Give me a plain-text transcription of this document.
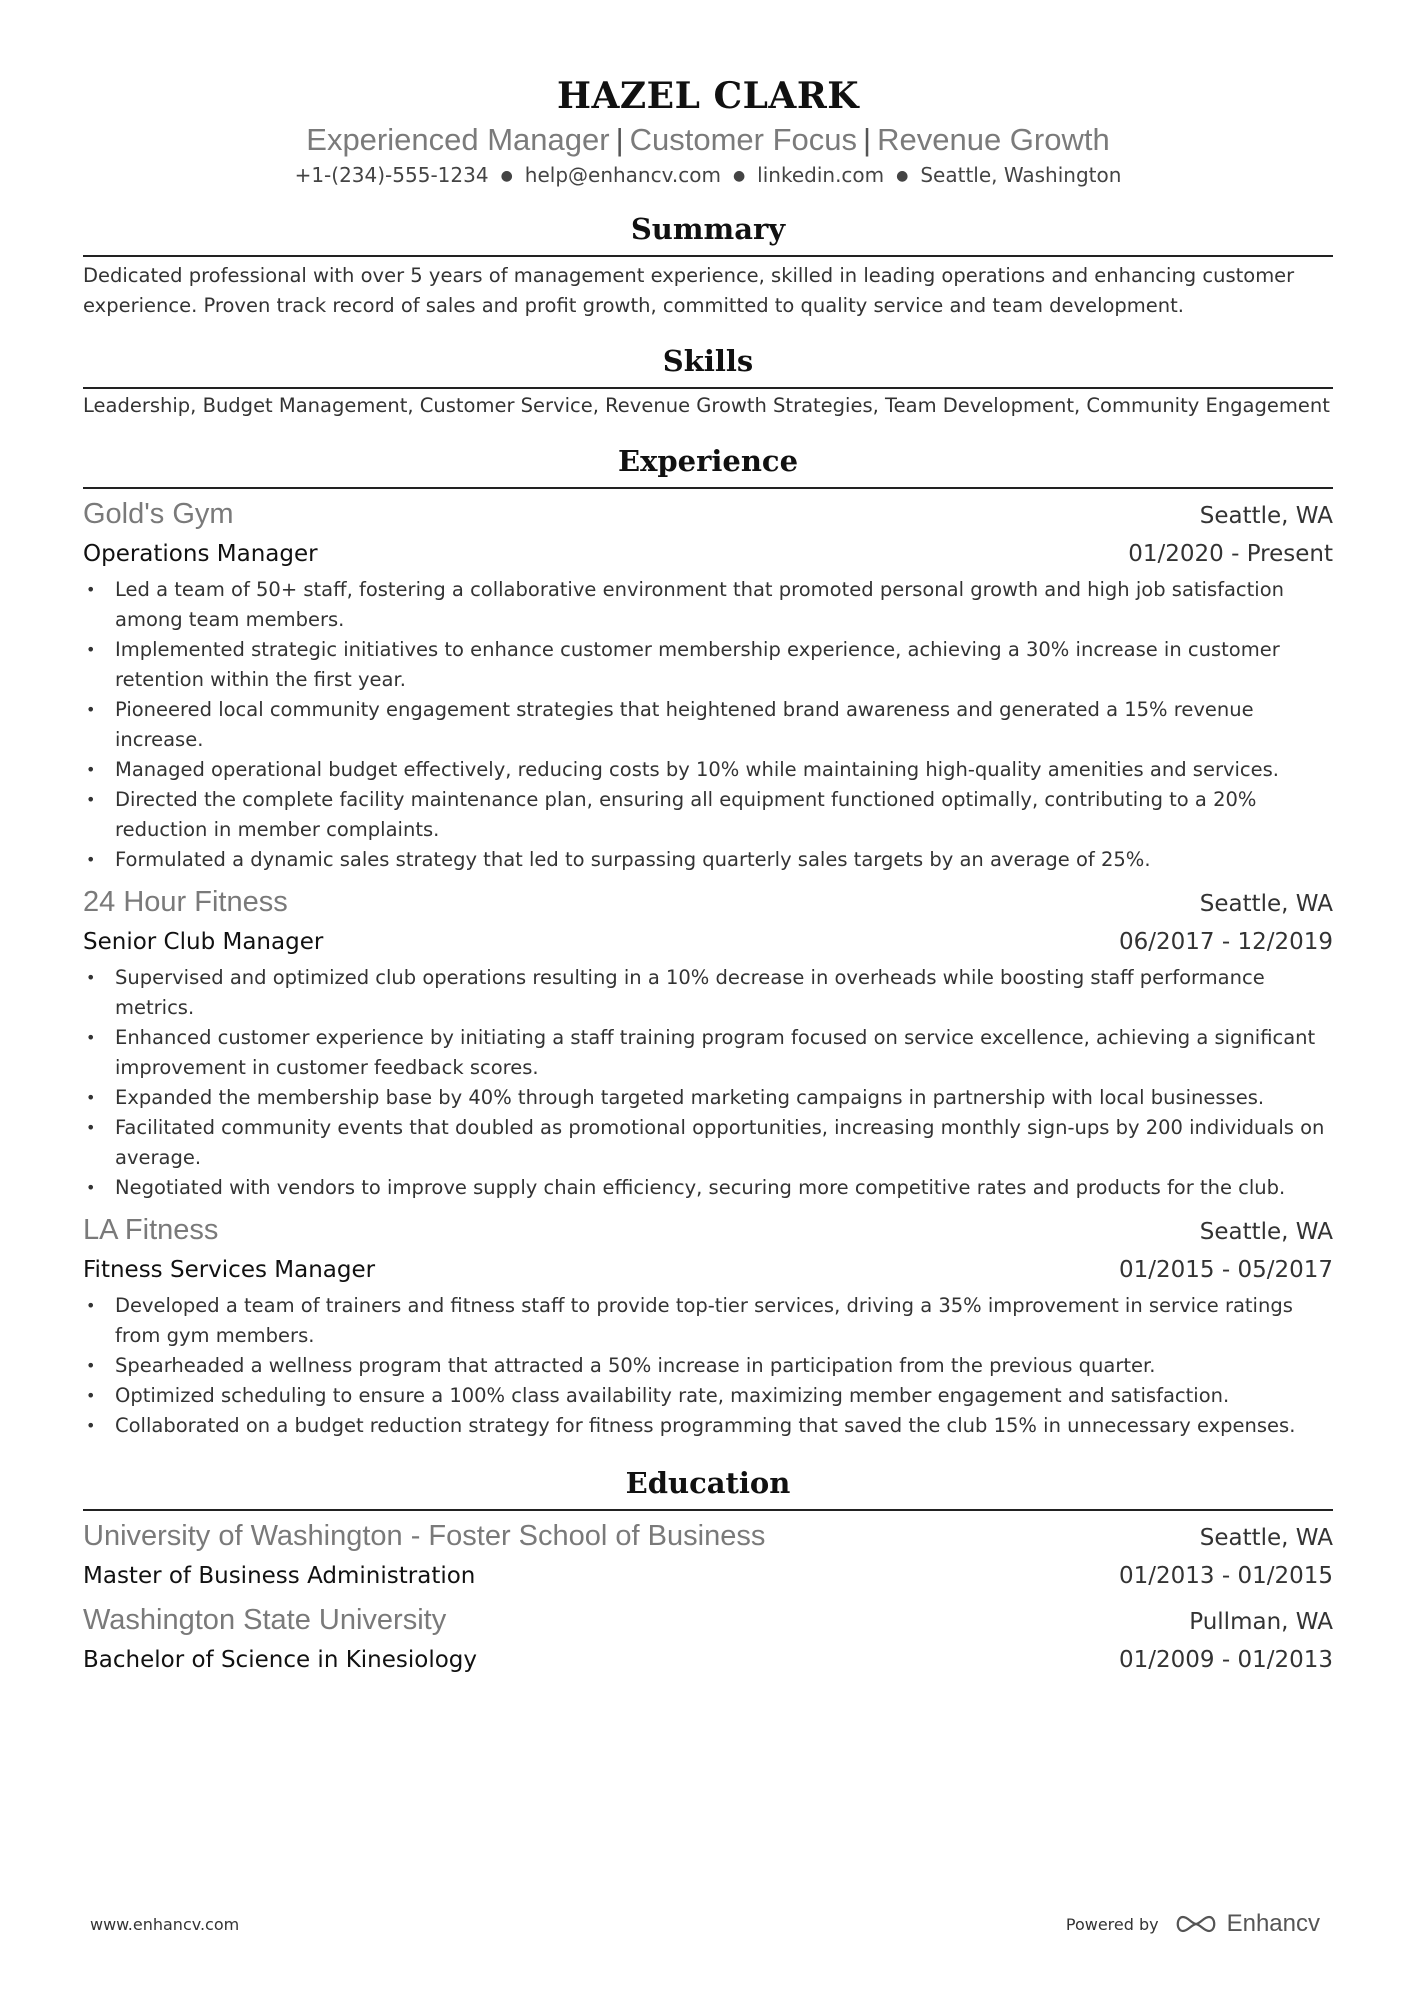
HAZEL CLARK
Experienced Manager | Customer Focus | Revenue Growth
+1-(234)-555-1234 ● help@enhancv.com ● linkedin.com ● Seattle, Washington
Summary

Dedicated professional with over 5 years of management experience, skilled in leading operations and enhancing customer experience. Proven track record of sales and profit growth, committed to quality service and team development.

Skills

Leadership, Budget Management, Customer Service, Revenue Growth Strategies, Team Development, Community Engagement

Experience
Gold's Gym	Seattle, WA
Operations Manager	01/2020 - Present
• Led a team of 50+ staff, fostering a collaborative environment that promoted personal growth and high job satisfaction among team members.
• Implemented strategic initiatives to enhance customer membership experience, achieving a 30% increase in customer retention within the first year.
• Pioneered local community engagement strategies that heightened brand awareness and generated a 15% revenue increase.
• Managed operational budget effectively, reducing costs by 10% while maintaining high-quality amenities and services.
• Directed the complete facility maintenance plan, ensuring all equipment functioned optimally, contributing to a 20% reduction in member complaints.
• Formulated a dynamic sales strategy that led to surpassing quarterly sales targets by an average of 25%.
24 Hour Fitness	Seattle, WA
Senior Club Manager	06/2017 - 12/2019
• Supervised and optimized club operations resulting in a 10% decrease in overheads while boosting staff performance metrics.
• Enhanced customer experience by initiating a staff training program focused on service excellence, achieving a significant improvement in customer feedback scores.
• Expanded the membership base by 40% through targeted marketing campaigns in partnership with local businesses.
• Facilitated community events that doubled as promotional opportunities, increasing monthly sign-ups by 200 individuals on average.
• Negotiated with vendors to improve supply chain efficiency, securing more competitive rates and products for the club.
LA Fitness	Seattle, WA
Fitness Services Manager	01/2015 - 05/2017
• Developed a team of trainers and fitness staff to provide top-tier services, driving a 35% improvement in service ratings from gym members.
• Spearheaded a wellness program that attracted a 50% increase in participation from the previous quarter.
• Optimized scheduling to ensure a 100% class availability rate, maximizing member engagement and satisfaction.
• Collaborated on a budget reduction strategy for fitness programming that saved the club 15% in unnecessary expenses.
Education
University of Washington - Foster School of Business	Seattle, WA
Master of Business Administration	01/2013 - 01/2015
Washington State University	Pullman, WA
Bachelor of Science in Kinesiology	01/2009 - 01/2013
www.enhancv.com	Powered by	Enhancv
